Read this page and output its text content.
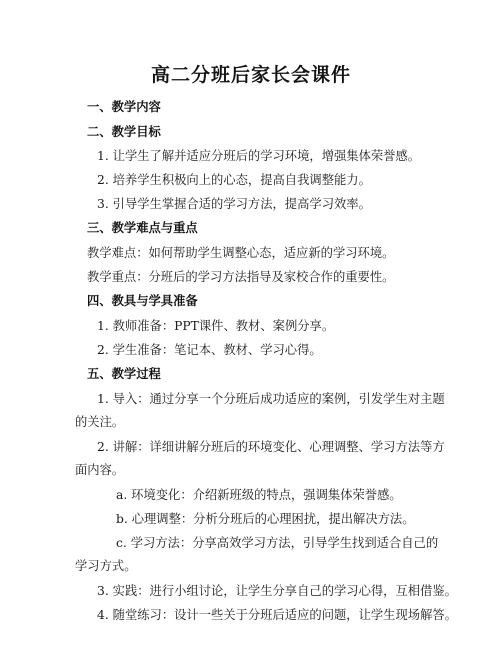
高二分班后家长会课件
一、教学内容
二、教学目标
1. 让学生了解并适应分班后的学习环境，增强集体荣誉感。
2. 培养学生积极向上的心态，提高自我调整能力。
3. 引导学生掌握合适的学习方法，提高学习效率。
三、教学难点与重点
教学难点：如何帮助学生调整心态，适应新的学习环境。
教学重点：分班后的学习方法指导及家校合作的重要性。
四、教具与学具准备
1. 教师准备：PPT课件、教材、案例分享。
2. 学生准备：笔记本、教材、学习心得。
五、教学过程
1. 导入：通过分享一个分班后成功适应的案例，引发学生对主题
的关注。
2. 讲解：详细讲解分班后的环境变化、心理调整、学习方法等方
面内容。
a. 环境变化：介绍新班级的特点，强调集体荣誉感。
b. 心理调整：分析分班后的心理困扰，提出解决方法。
c. 学习方法：分享高效学习方法，引导学生找到适合自己的
学习方式。
3. 实践：进行小组讨论，让学生分享自己的学习心得，互相借鉴。
4. 随堂练习：设计一些关于分班后适应的问题，让学生现场解答。
